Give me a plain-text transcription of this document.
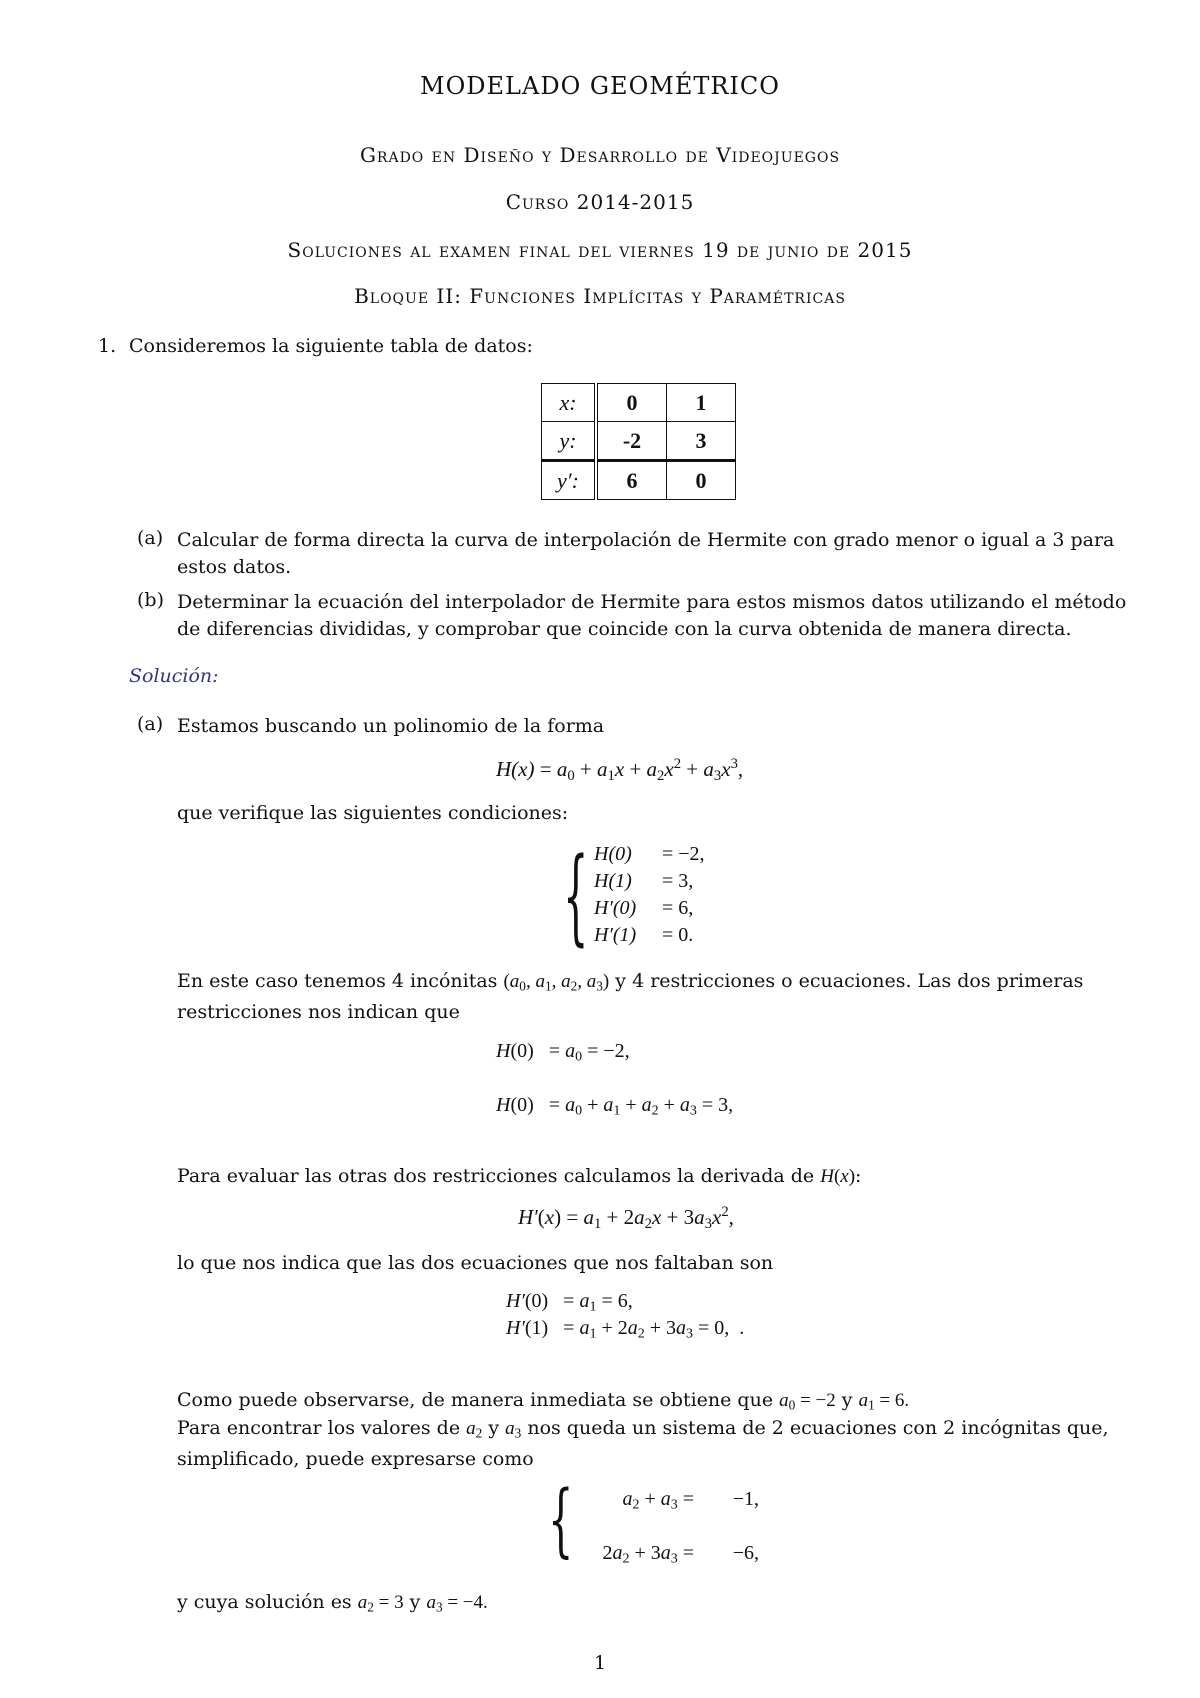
MODELADO GEOMÉTRICO
Grado en Diseño y Desarrollo de Videojuegos
Curso 2014-2015
Soluciones al examen final del viernes 19 de junio de 2015
Bloque II: Funciones Implícitas y Paramétricas
1. Consideremos la siguiente tabla de datos:
x:	0	1
y:	-2	3
y′:	6	0
(a) Calcular de forma directa la curva de interpolación de Hermite con grado menor o igual a 3 para estos datos.
(b) Determinar la ecuación del interpolador de Hermite para estos mismos datos utilizando el método de diferencias divididas, y comprobar que coincide con la curva obtenida de manera directa.
Solución:
(a) Estamos buscando un polinomio de la forma
$H(x) = a_0 + a_1x + a_2x^2 + a_3x^3$,
que verifique las siguientes condiciones:
{ H(0) = −2,
H(1) = 3,
H′(0) = 6,
H′(1) = 0.
En este caso tenemos 4 incónitas ($a_0$, $a_1$, $a_2$, $a_3$) y 4 restricciones o ecuaciones. Las dos primeras restricciones nos indican que
$H(0) = a_0 = -2$,
$H(0) = a_0 + a_1 + a_2 + a_3 = 3$,
Para evaluar las otras dos restricciones calculamos la derivada de H(x):
$H'(x) = a_1 + 2a_2x + 3a_3x^2$,
lo que nos indica que las dos ecuaciones que nos faltaban son
$H'(0) = a_1 = 6$,
$H'(1) = a_1 + 2a_2 + 3a_3 = 0$,  .
Como puede observarse, de manera inmediata se obtiene que $a_0 = -2$ y $a_1 = 6$.
Para encontrar los valores de $a_2$ y $a_3$ nos queda un sistema de 2 ecuaciones con 2 incógnitas que, simplificado, puede expresarse como
{	$a_2 + a_3 = -1$,
$2a_2 + 3a_3 = -6$,
y cuya solución es $a_2 = 3$ y $a_3 = -4$.
1
